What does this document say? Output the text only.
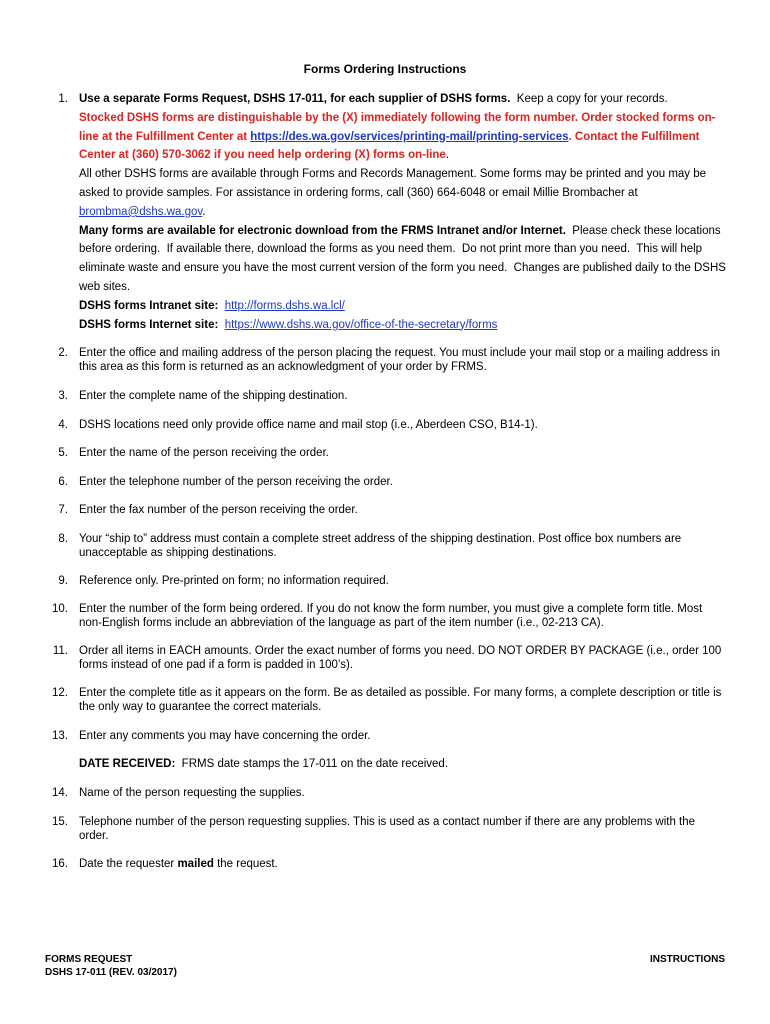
Forms Ordering Instructions
1. Use a separate Forms Request, DSHS 17-011, for each supplier of DSHS forms.  Keep a copy for your records.
Stocked DSHS forms are distinguishable by the (X) immediately following the form number. Order stocked forms on-line at the Fulfillment Center at https://des.wa.gov/services/printing-mail/printing-services. Contact the Fulfillment Center at (360) 570-3062 if you need help ordering (X) forms on-line.
All other DSHS forms are available through Forms and Records Management. Some forms may be printed and you may be asked to provide samples. For assistance in ordering forms, call (360) 664-6048 or email Millie Brombacher at brombma@dshs.wa.gov.
Many forms are available for electronic download from the FRMS Intranet and/or Internet.  Please check these locations before ordering.  If available there, download the forms as you need them.  Do not print more than you need.  This will help eliminate waste and ensure you have the most current version of the form you need.  Changes are published daily to the DSHS web sites.
DSHS forms Intranet site: http://forms.dshs.wa.lcl/
DSHS forms Internet site: https://www.dshs.wa.gov/office-of-the-secretary/forms
2. Enter the office and mailing address of the person placing the request. You must include your mail stop or a mailing address in this area as this form is returned as an acknowledgment of your order by FRMS.
3. Enter the complete name of the shipping destination.
4. DSHS locations need only provide office name and mail stop (i.e., Aberdeen CSO, B14-1).
5. Enter the name of the person receiving the order.
6. Enter the telephone number of the person receiving the order.
7. Enter the fax number of the person receiving the order.
8. Your “ship to” address must contain a complete street address of the shipping destination. Post office box numbers are unacceptable as shipping destinations.
9. Reference only. Pre-printed on form; no information required.
10. Enter the number of the form being ordered. If you do not know the form number, you must give a complete form title. Most non-English forms include an abbreviation of the language as part of the item number (i.e., 02-213 CA).
11. Order all items in EACH amounts. Order the exact number of forms you need. DO NOT ORDER BY PACKAGE (i.e., order 100 forms instead of one pad if a form is padded in 100’s).
12. Enter the complete title as it appears on the form. Be as detailed as possible. For many forms, a complete description or title is the only way to guarantee the correct materials.
13. Enter any comments you may have concerning the order.
DATE RECEIVED:  FRMS date stamps the 17-011 on the date received.
14. Name of the person requesting the supplies.
15. Telephone number of the person requesting supplies. This is used as a contact number if there are any problems with the order.
16. Date the requester mailed the request.
FORMS REQUEST
DSHS 17-011 (REV. 03/2017)
INSTRUCTIONS
